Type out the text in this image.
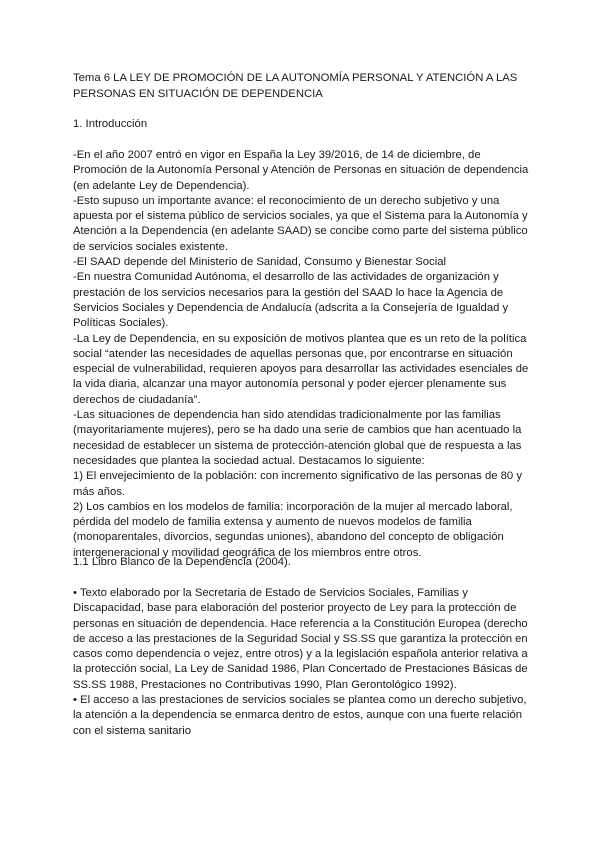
Tema 6 LA LEY DE PROMOCIÓN DE LA AUTONOMÍA PERSONAL Y ATENCIÓN A LAS
PERSONAS EN SITUACIÓN DE DEPENDENCIA
1. Introducción
-En el año 2007 entró en vigor en España la Ley 39/2016, de 14 de diciembre, de
Promoción de la Autonomía Personal y Atención de Personas en situación de dependencia
(en adelante Ley de Dependencia).
-Esto supuso un importante avance: el reconocimiento de un derecho subjetivo y una
apuesta por el sistema público de servicios sociales, ya que el Sistema para la Autonomía y
Atención a la Dependencia (en adelante SAAD) se concibe como parte del sistema público
de servicios sociales existente.
-El SAAD depende del Ministerio de Sanidad, Consumo y Bienestar Social
-En nuestra Comunidad Autónoma, el desarrollo de las actividades de organización y
prestación de los servicios necesarios para la gestión del SAAD lo hace la Agencia de
Servicios Sociales y Dependencia de Andalucía (adscrita a la Consejería de Igualdad y
Políticas Sociales).
-La Ley de Dependencia, en su exposición de motivos plantea que es un reto de la política
social “atender las necesidades de aquellas personas que, por encontrarse en situación
especial de vulnerabilidad, requieren apoyos para desarrollar las actividades esenciales de
la vida diaria, alcanzar una mayor autonomía personal y poder ejercer plenamente sus
derechos de ciudadanía”.
-Las situaciones de dependencia han sido atendidas tradicionalmente por las familias
(mayoritariamente mujeres), pero se ha dado una serie de cambios que han acentuado la
necesidad de establecer un sistema de protección-atención global que de respuesta a las
necesidades que plantea la sociedad actual. Destacamos lo siguiente:
1) El envejecimiento de la población: con incremento significativo de las personas de 80 y
más años.
2) Los cambios en los modelos de familia: incorporación de la mujer al mercado laboral,
pérdida del modelo de familia extensa y aumento de nuevos modelos de familia
(monoparentales, divorcios, segundas uniones), abandono del concepto de obligación
intergeneracional y movilidad geográfica de los miembros entre otros.
1.1 Libro Blanco de la Dependencia (2004).
• Texto elaborado por la Secretaria de Estado de Servicios Sociales, Familias y
Discapacidad, base para elaboración del posterior proyecto de Ley para la protección de
personas en situación de dependencia. Hace referencia a la Constitución Europea (derecho
de acceso a las prestaciones de la Seguridad Social y SS.SS que garantiza la protección en
casos como dependencia o vejez, entre otros) y a la legislación española anterior relativa a
la protección social, La Ley de Sanidad 1986, Plan Concertado de Prestaciones Básicas de
SS.SS 1988, Prestaciones no Contributivas 1990, Plan Gerontológico 1992).
• El acceso a las prestaciones de servicios sociales se plantea como un derecho subjetivo,
la atención a la dependencia se enmarca dentro de estos, aunque con una fuerte relación
con el sistema sanitario
